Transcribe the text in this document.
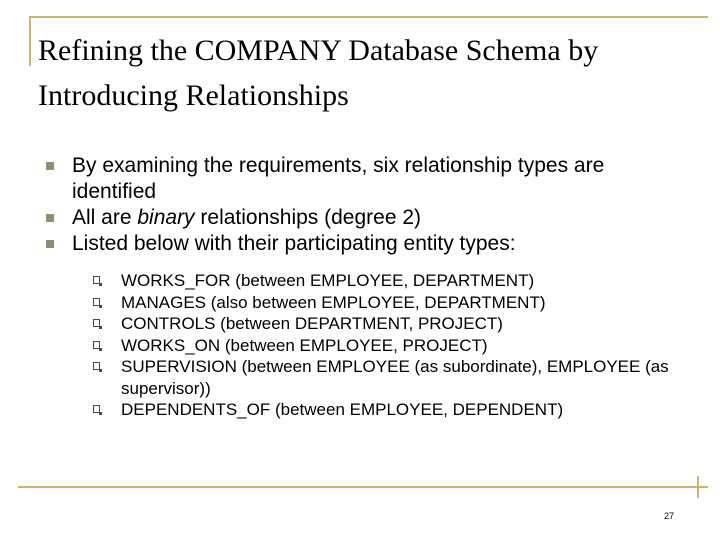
Refining the COMPANY Database Schema by Introducing Relationships
By examining the requirements, six relationship types are identified
All are binary relationships (degree 2)
Listed below with their participating entity types:
WORKS_FOR (between EMPLOYEE, DEPARTMENT)
MANAGES (also between EMPLOYEE, DEPARTMENT)
CONTROLS (between DEPARTMENT, PROJECT)
WORKS_ON (between EMPLOYEE, PROJECT)
SUPERVISION (between EMPLOYEE (as subordinate), EMPLOYEE (as supervisor))
DEPENDENTS_OF (between EMPLOYEE, DEPENDENT)
27
